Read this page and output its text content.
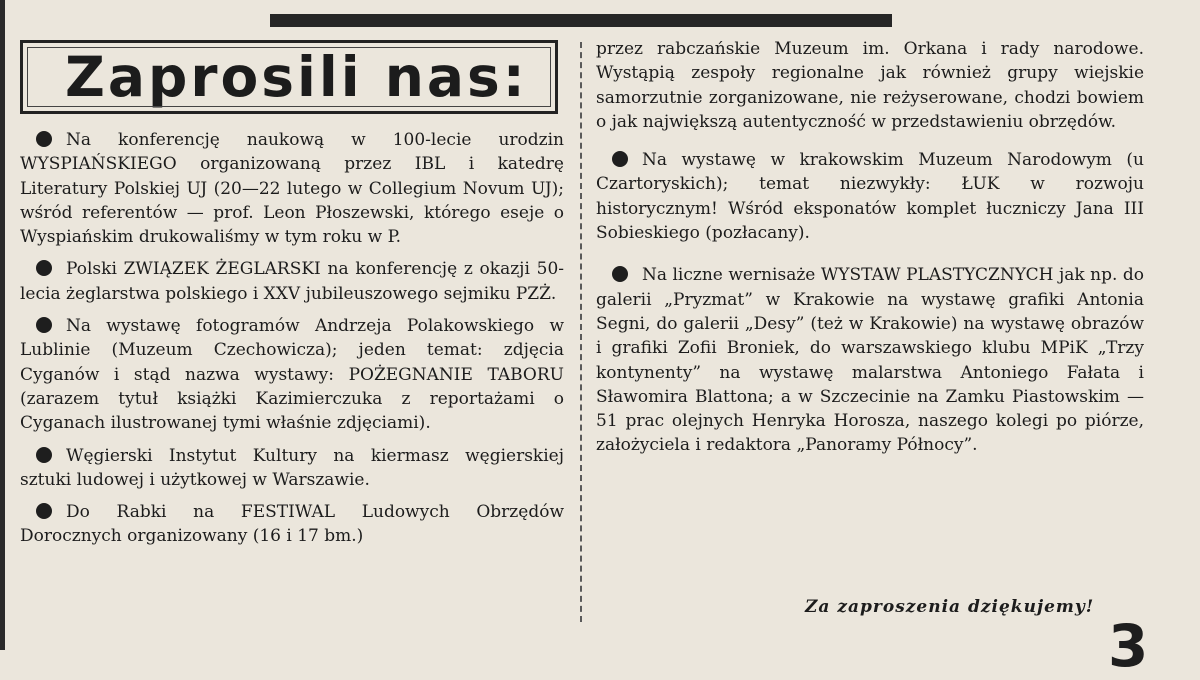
Zaprosili nas:

Na konferencję naukową w 100-lecie urodzin WYSPIAŃSKIEGO organizowaną przez IBL i katedrę Literatury Polskiej UJ (20—22 lutego w Collegium Novum UJ); wśród referentów — prof. Leon Płoszewski, którego eseje o Wyspiańskim drukowaliśmy w tym roku w P.

Polski ZWIĄZEK ŻEGLARSKI na konferencję z okazji 50-lecia żeglarstwa polskiego i XXV jubileuszowego sejmiku PZŻ.

Na wystawę fotogramów Andrzeja Polakowskiego w Lublinie (Muzeum Czechowicza); jeden temat: zdjęcia Cyganów i stąd nazwa wystawy: POŻEGNANIE TABORU (zarazem tytuł książki Kazimierczuka z reportażami o Cyganach ilustrowanej tymi właśnie zdjęciami).

Węgierski Instytut Kultury na kiermasz węgierskiej sztuki ludowej i użytkowej w Warszawie.

Do Rabki na FESTIWAL Ludowych Obrzędów Dorocznych organizowany (16 i 17 bm.)

przez rabczańskie Muzeum im. Orkana i rady narodowe. Wystąpią zespoły regionalne jak również grupy wiejskie samorzutnie zorganizowane, nie reżyserowane, chodzi bowiem o jak największą autentyczność w przedstawieniu obrzędów.

Na wystawę w krakowskim Muzeum Narodowym (u Czartoryskich); temat niezwykły: ŁUK w rozwoju historycznym! Wśród eksponatów komplet łuczniczy Jana III Sobieskiego (pozłacany).

Na liczne wernisaże WYSTAW PLASTYCZNYCH jak np. do galerii „Pryzmat” w Krakowie na wystawę grafiki Antonia Segni, do galerii „Desy” (też w Krakowie) na wystawę obrazów i grafiki Zofii Broniek, do warszawskiego klubu MPiK „Trzy kontynenty” na wystawę malarstwa Antoniego Fałata i Sławomira Blattona; a w Szczecinie na Zamku Piastowskim — 51 prac olejnych Henryka Horosza, naszego kolegi po piórze, założyciela i redaktora „Panoramy Północy”.

Za zaproszenia dziękujemy!
3
